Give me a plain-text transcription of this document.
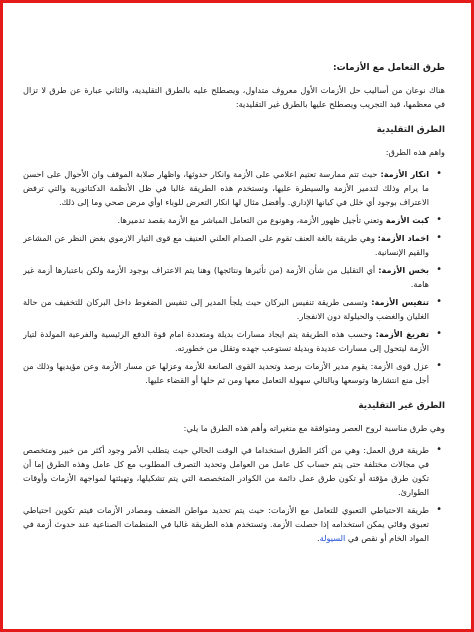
طرق التعامل مع الأزمات:

هناك نوعان من أساليب حل الأزمات الأول معروف متداول، ويصطلح عليه بالطرق التقليدية، والثاني عبارة عن طرق لا تزال في معظمها، قيد التجريب ويصطلح عليها بالطرق غير التقليدية:

الطرق التقليدية
واهم هذه الطرق:
• انكار الأزمة: حيث تتم ممارسة تعتيم اعلامي على الأزمة وانكار حدوثها، واظهار صلابة الموقف وان الأحوال على احسن ما يرام وذلك لتدمير الأزمة والسيطرة عليها، وتستخدم هذه الطريقة غالبا في ظل الأنظمة الدكتاتورية والتي ترفض الاعتراف بوجود أي خلل في كيانها الإداري. وأفضل مثال لها انكار التعرض للوباء اوأي مرض صحي وما إلى ذلك.
• كبت الأزمة وتعني تأجيل ظهور الأزمة، وهونوع من التعامل المباشر مع الأزمة بقصد تدميرها.
• اخماد الأزمة: وهي طريقة بالغة العنف تقوم على الصدام العلني العنيف مع قوى التيار الازموي بغض النظر عن المشاعر والقيم الإنسانية.
• بخس الأزمة: أي التقليل من شأن الأزمة (من تأثيرها ونتائجها) وهنا يتم الاعتراف بوجود الأزمة ولكن باعتبارها أزمة غير هامة.
• تنفيس الأزمة: وتسمى طريقة تنفيس البركان حيث يلجأ المدير إلى تنفيس الضغوط داخل البركان للتخفيف من حالة الغليان والغضب والحيلولة دون الانفجار.
• تفريغ الأزمة: وحسب هذه الطريقة يتم ايجاد مسارات بديلة ومتعددة امام قوة الدفع الرئيسية والفرعية المولدة لتيار الأزمة ليتحول إلى مسارات عديدة وبديلة تستوعب جهده وتقلل من خطورته.
• عزل قوى الأزمة: يقوم مدير الأزمات برصد وتحديد القوى الصانعة للأزمة وعزلها عن مسار الأزمة وعن مؤيديها وذلك من أجل منع انتشارها وتوسعها وبالتالي سهولة التعامل معها ومن ثم حلها أو القضاء عليها.
الطرق غير التقليدية
وهي طرق مناسبة لروح العصر ومتوافقة مع متغيراته وأهم هذه الطرق ما يلي:
• طريقة فرق العمل: وهي من أكثر الطرق استخداما في الوقت الحالي حيث يتطلب الأمر وجود أكثر من خبير ومتخصص في مجالات مختلفة حتى يتم حساب كل عامل من العوامل وتحديد التصرف المطلوب مع كل عامل وهذه الطرق إما أن تكون طرق مؤقتة أو تكون طرق عمل دائمة من الكوادر المتخصصة التي يتم تشكيلها، وتهيئتها لمواجهة الأزمات وأوقات الطوارئ.
• طريقة الاحتياطي التعبوي للتعامل مع الأزمات: حيث يتم تحديد مواطن الضعف ومصادر الأزمات فيتم تكوين احتياطي تعبوي وقائي يمكن استخدامه إذا حصلت الأزمة. وتستخدم هذه الطريقة غالبا في المنظمات الصناعية عند حدوث أزمة في المواد الخام أو نقص في السيولة.
